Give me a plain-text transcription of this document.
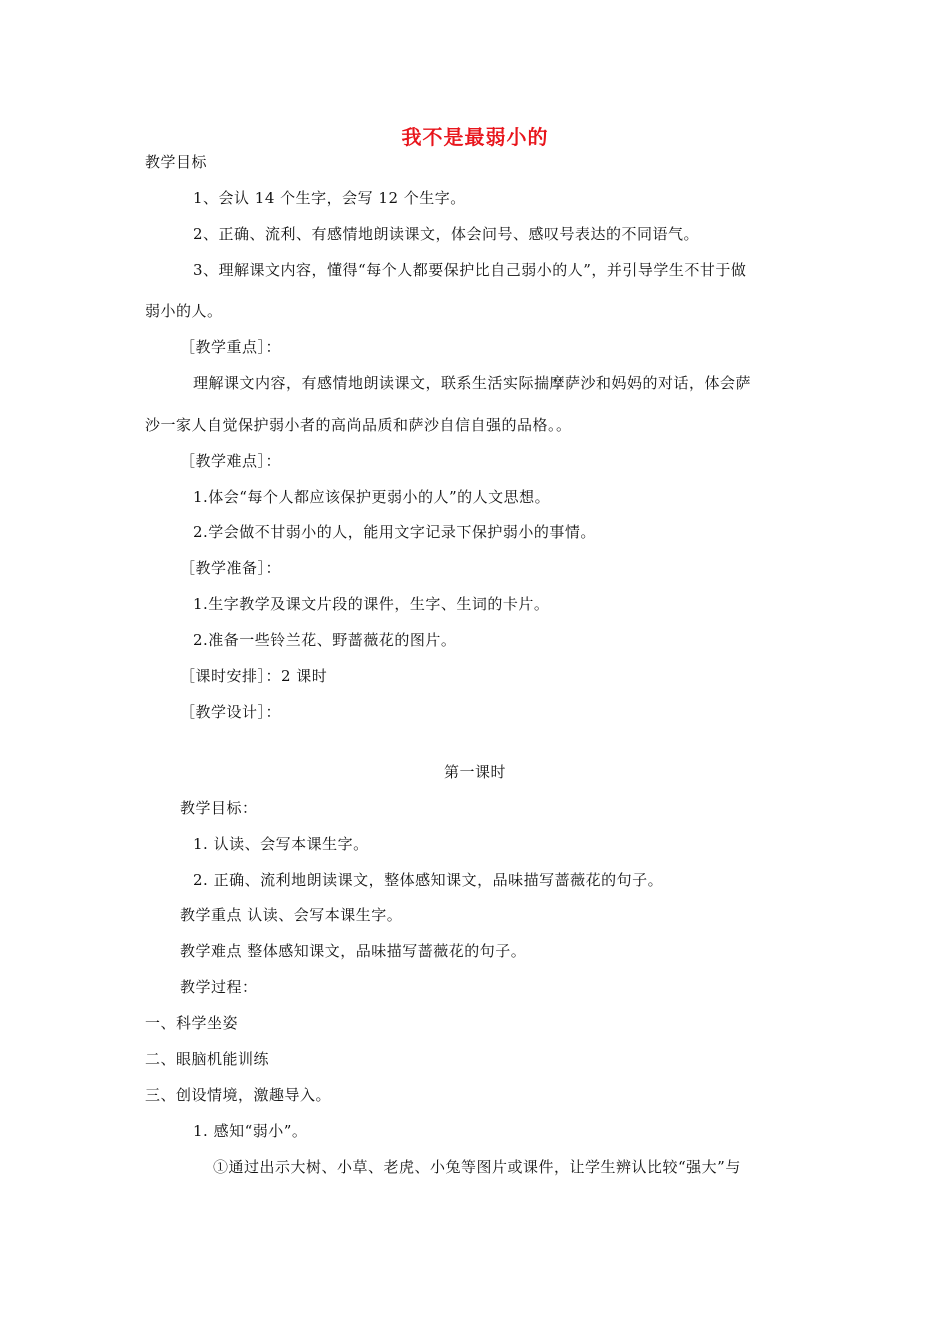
我不是最弱小的
教学目标
1、会认 14 个生字，会写 12 个生字。
2、正确、流利、有感情地朗读课文，体会问号、感叹号表达的不同语气。
3、理解课文内容，懂得“每个人都要保护比自己弱小的人”，并引导学生不甘于做
弱小的人。
［教学重点］：
理解课文内容，有感情地朗读课文，联系生活实际揣摩萨沙和妈妈的对话，体会萨
沙一家人自觉保护弱小者的高尚品质和萨沙自信自强的品格。。
［教学难点］：
1.体会“每个人都应该保护更弱小的人”的人文思想。
2.学会做不甘弱小的人，能用文字记录下保护弱小的事情。
［教学准备］：
1.生字教学及课文片段的课件，生字、生词的卡片。
2.准备一些铃兰花、野蔷薇花的图片。
［课时安排］：2 课时
［教学设计］：
第一课时
教学目标：
1. 认读、会写本课生字。
2. 正确、流利地朗读课文，整体感知课文，品味描写蔷薇花的句子。
教学重点 认读、会写本课生字。
教学难点 整体感知课文，品味描写蔷薇花的句子。
教学过程：
一、科学坐姿
二、眼脑机能训练
三、创设情境，激趣导入。
1. 感知“弱小”。
①通过出示大树、小草、老虎、小兔等图片或课件，让学生辨认比较“强大”与
